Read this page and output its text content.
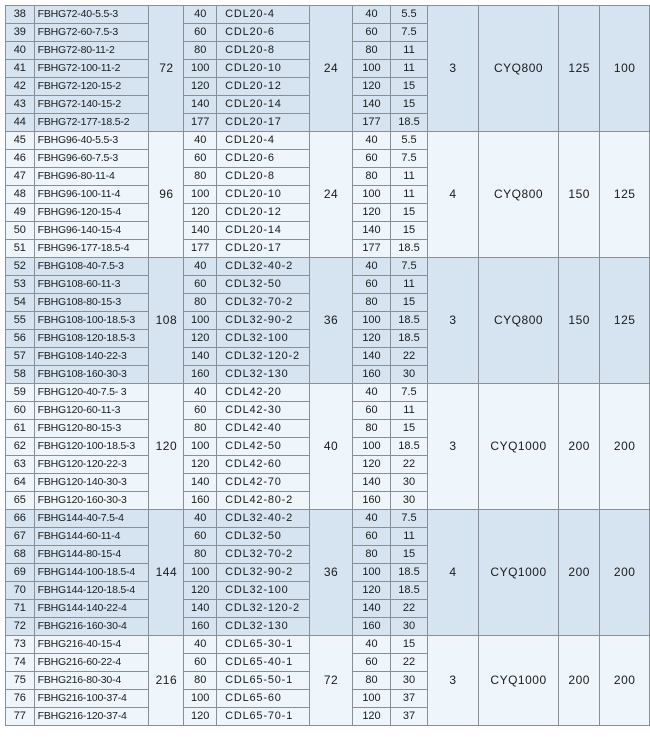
38	FBHG72-40-5.5-3	72	40	CDL20-4	24	40	5.5	3	CYQ800	125	100
39	FBHG72-60-7.5-3		60	CDL20-6		60	7.5				
40	FBHG72-80-11-2		80	CDL20-8		80	11				
41	FBHG72-100-11-2		100	CDL20-10		100	11				
42	FBHG72-120-15-2		120	CDL20-12		120	15				
43	FBHG72-140-15-2		140	CDL20-14		140	15				
44	FBHG72-177-18.5-2		177	CDL20-17		177	18.5				
45	FBHG96-40-5.5-3	96	40	CDL20-4	24	40	5.5	4	CYQ800	150	125
46	FBHG96-60-7.5-3		60	CDL20-6		60	7.5				
47	FBHG96-80-11-4		80	CDL20-8		80	11				
48	FBHG96-100-11-4		100	CDL20-10		100	11				
49	FBHG96-120-15-4		120	CDL20-12		120	15				
50	FBHG96-140-15-4		140	CDL20-14		140	15				
51	FBHG96-177-18.5-4		177	CDL20-17		177	18.5				
52	FBHG108-40-7.5-3	108	40	CDL32-40-2	36	40	7.5	3	CYQ800	150	125
53	FBHG108-60-11-3		60	CDL32-50		60	11				
54	FBHG108-80-15-3		80	CDL32-70-2		80	15				
55	FBHG108-100-18.5-3		100	CDL32-90-2		100	18.5				
56	FBHG108-120-18.5-3		120	CDL32-100		120	18.5				
57	FBHG108-140-22-3		140	CDL32-120-2		140	22				
58	FBHG108-160-30-3		160	CDL32-130		160	30				
59	FBHG120-40-7.5- 3	120	40	CDL42-20	40	40	7.5	3	CYQ1000	200	200
60	FBHG120-60-11-3		60	CDL42-30		60	11				
61	FBHG120-80-15-3		80	CDL42-40		80	15				
62	FBHG120-100-18.5-3		100	CDL42-50		100	18.5				
63	FBHG120-120-22-3		120	CDL42-60		120	22				
64	FBHG120-140-30-3		140	CDL42-70		140	30				
65	FBHG120-160-30-3		160	CDL42-80-2		160	30				
66	FBHG144-40-7.5-4	144	40	CDL32-40-2	36	40	7.5	4	CYQ1000	200	200
67	FBHG144-60-11-4		60	CDL32-50		60	11				
68	FBHG144-80-15-4		80	CDL32-70-2		80	15				
69	FBHG144-100-18.5-4		100	CDL32-90-2		100	18.5				
70	FBHG144-120-18.5-4		120	CDL32-100		120	18.5				
71	FBHG144-140-22-4		140	CDL32-120-2		140	22				
72	FBHG216-160-30-4		160	CDL32-130		160	30				
73	FBHG216-40-15-4	216	40	CDL65-30-1	72	40	15	3	CYQ1000	200	200
74	FBHG216-60-22-4		60	CDL65-40-1		60	22				
75	FBHG216-80-30-4		80	CDL65-50-1		80	30				
76	FBHG216-100-37-4		100	CDL65-60		100	37				
77	FBHG216-120-37-4		120	CDL65-70-1		120	37				
